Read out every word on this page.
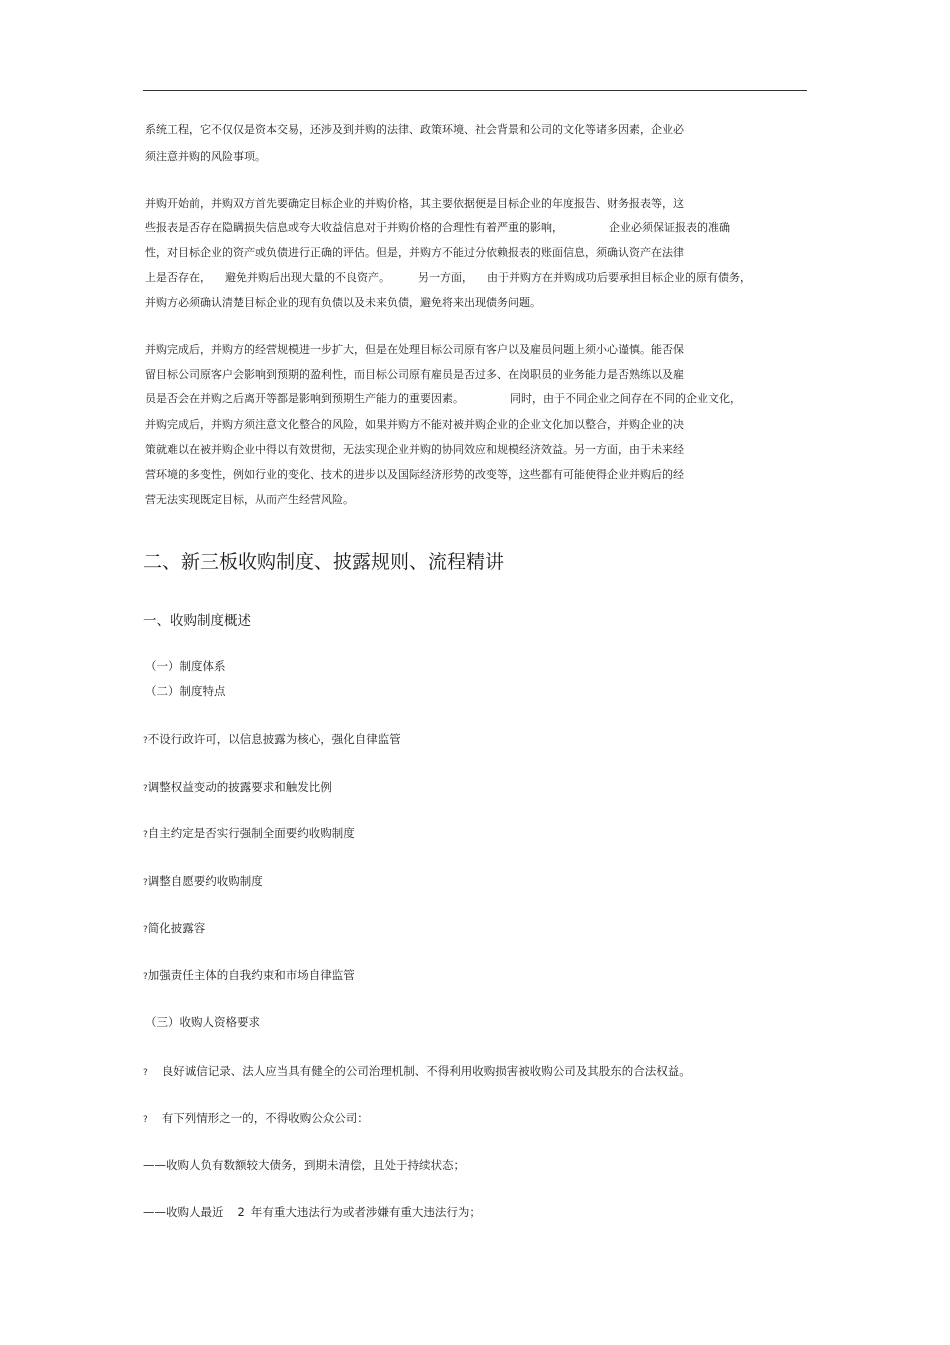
系统工程，它不仅仅是资本交易，还涉及到并购的法律、政策环境、社会背景和公司的文化等诸多因素，企业必
须注意并购的风险事项。
并购开始前，并购双方首先要确定目标企业的并购价格，其主要依据便是目标企业的年度报告、财务报表等，这
些报表是否存在隐瞒损失信息或夸大收益信息对于并购价格的合理性有着严重的影响，	企业必须保证报表的准确
性，对目标企业的资产或负债进行正确的评估。但是，并购方不能过分依赖报表的账面信息，须确认资产在法律
上是否存在， 避免并购后出现大量的不良资产。	另一方面， 由于并购方在并购成功后要承担目标企业的原有债务，
并购方必须确认清楚目标企业的现有负债以及未来负债，避免将来出现债务问题。
并购完成后，并购方的经营规模进一步扩大，但是在处理目标公司原有客户以及雇员问题上须小心谨慎。能否保
留目标公司原客户会影响到预期的盈利性，而目标公司原有雇员是否过多、在岗职员的业务能力是否熟练以及雇
员是否会在并购之后离开等都是影响到预期生产能力的重要因素。	同时，由于不同企业之间存在不同的企业文化，
并购完成后，并购方须注意文化整合的风险，如果并购方不能对被并购企业的企业文化加以整合，并购企业的决
策就难以在被并购企业中得以有效贯彻，无法实现企业并购的协同效应和规模经济效益。另一方面，由于未来经
营环境的多变性，例如行业的变化、技术的进步以及国际经济形势的改变等，这些都有可能使得企业并购后的经
营无法实现既定目标，从而产生经营风险。
二、新三板收购制度、披露规则、流程精讲
一、收购制度概述
（一）制度体系
（二）制度特点
?不设行政许可，以信息披露为核心，强化自律监管
?调整权益变动的披露要求和触发比例
?自主约定是否实行强制全面要约收购制度
?调整自愿要约收购制度
?简化披露容
?加强责任主体的自我约束和市场自律监管
（三）收购人资格要求
? 良好诚信记录、法人应当具有健全的公司治理机制、不得利用收购损害被收购公司及其股东的合法权益。
? 有下列情形之一的，不得收购公众公司：
——收购人负有数额较大债务，到期未清偿，且处于持续状态；
——收购人最近 2 年有重大违法行为或者涉嫌有重大违法行为；
